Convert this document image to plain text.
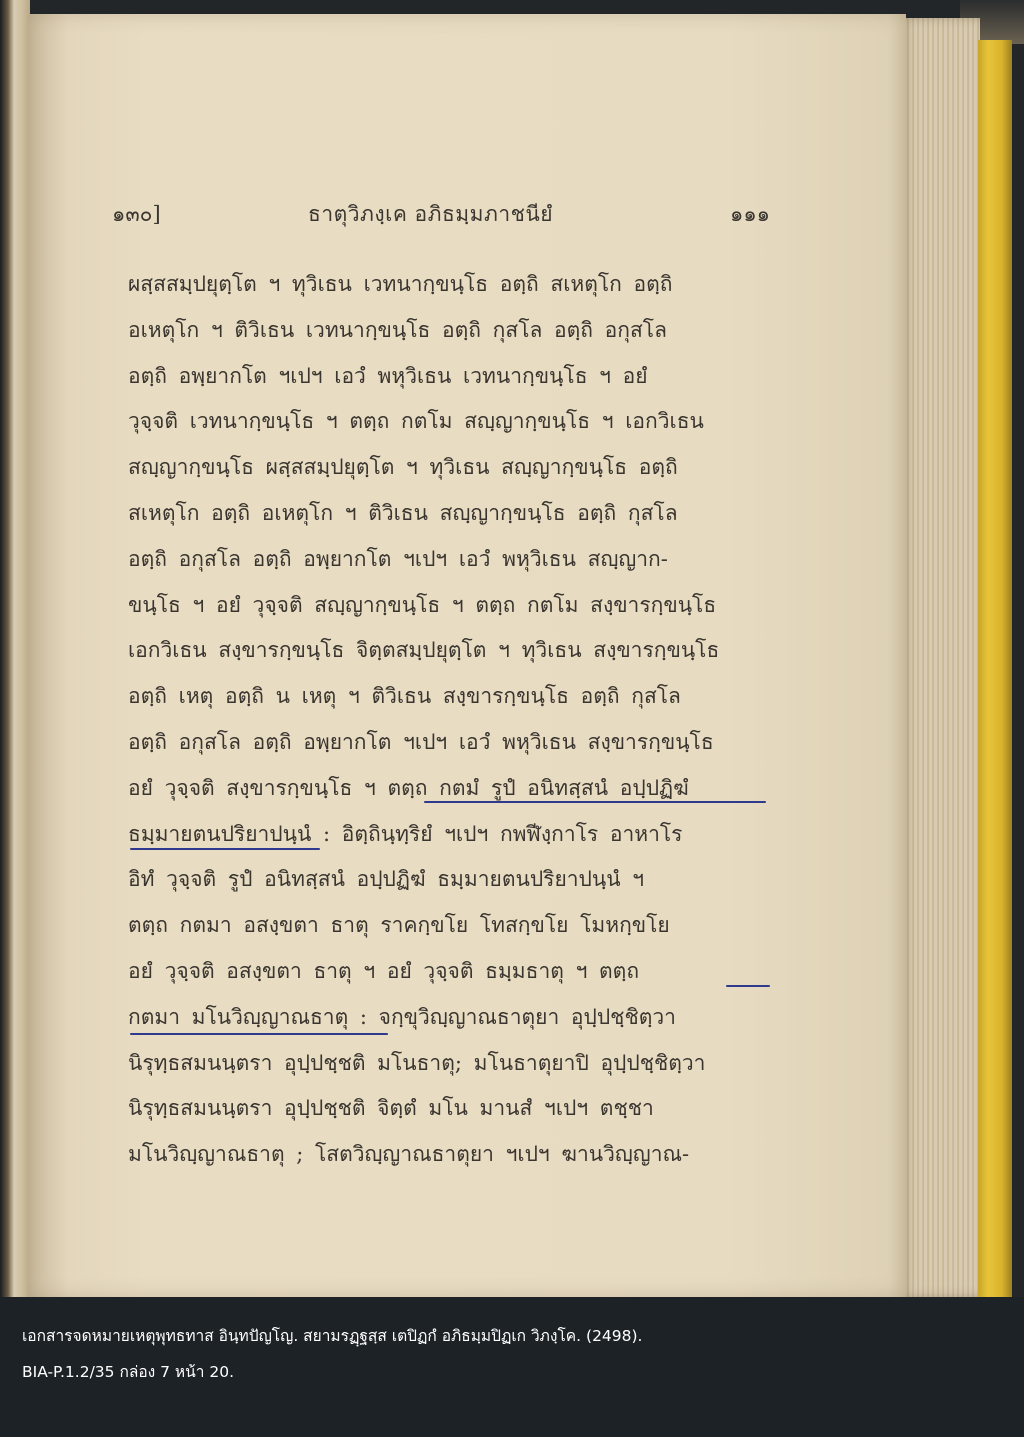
๑๓๐]	ธาตุวิภงฺเค อภิธมฺมภาชนียํ	๑๑๑
ผสฺสสมฺปยุตฺโต ฯ ทุวิเธน เวทนากฺขนฺโธ อตฺถิ สเหตุโก อตฺถิ
อเหตุโก ฯ ติวิเธน เวทนากฺขนฺโธ อตฺถิ กุสโล อตฺถิ อกุสโล
อตฺถิ อพฺยากโต ฯเปฯ เอวํ พหุวิเธน เวทนากฺขนฺโธ ฯ อยํ
วุจฺจติ เวทนากฺขนฺโธ ฯ ตตฺถ กตโม สญฺญากฺขนฺโธ ฯ เอกวิเธน
สญฺญากฺขนฺโธ ผสฺสสมฺปยุตฺโต ฯ ทุวิเธน สญฺญากฺขนฺโธ อตฺถิ
สเหตุโก อตฺถิ อเหตุโก ฯ ติวิเธน สญฺญากฺขนฺโธ อตฺถิ กุสโล
อตฺถิ อกุสโล อตฺถิ อพฺยากโต ฯเปฯ เอวํ พหุวิเธน สญฺญาก-
ขนฺโธ ฯ อยํ วุจฺจติ สญฺญากฺขนฺโธ ฯ ตตฺถ กตโม สงฺขารกฺขนฺโธ
เอกวิเธน สงฺขารกฺขนฺโธ จิตฺตสมฺปยุตฺโต ฯ ทุวิเธน สงฺขารกฺขนฺโธ
อตฺถิ เหตุ อตฺถิ น เหตุ ฯ ติวิเธน สงฺขารกฺขนฺโธ อตฺถิ กุสโล
อตฺถิ อกุสโล อตฺถิ อพฺยากโต ฯเปฯ เอวํ พหุวิเธน สงฺขารกฺขนฺโธ
อยํ วุจฺจติ สงฺขารกฺขนฺโธ ฯ ตตฺถ กตมํ รูปํ อนิทสฺสนํ อปฺปฏิฆํ
ธมฺมายตนปริยาปนฺนํ : อิตฺถินฺทฺริยํ ฯเปฯ กพฬีงฺกาโร อาหาโร
อิทํ วุจฺจติ รูปํ อนิทสฺสนํ อปฺปฏิฆํ ธมฺมายตนปริยาปนฺนํ ฯ
ตตฺถ กตมา อสงฺขตา ธาตุ ราคกฺขโย โทสกฺขโย โมหกฺขโย
อยํ วุจฺจติ อสงฺขตา ธาตุ ฯ อยํ วุจฺจติ ธมฺมธาตุ ฯ ตตฺถ
กตมา มโนวิญฺญาณธาตุ : จกฺขุวิญฺญาณธาตุยา อุปฺปชฺชิตฺวา
นิรุทฺธสมนนฺตรา อุปฺปชฺชติ มโนธาตุ; มโนธาตุยาปิ อุปฺปชฺชิตฺวา
นิรุทฺธสมนนฺตรา อุปฺปชฺชติ จิตฺตํ มโน มานสํ ฯเปฯ ตชฺชา
มโนวิญฺญาณธาตุ ; โสตวิญฺญาณธาตุยา ฯเปฯ ฆานวิญฺญาณ-
เอกสารจดหมายเหตุพุทธทาส อินฺทปัญโญ. สยามรฏฺฐสฺส เตปิฏกํ อภิธมฺมปิฏเก วิภงฺโค. (2498).
BIA-P.1.2/35 กล่อง 7 หน้า 20.
